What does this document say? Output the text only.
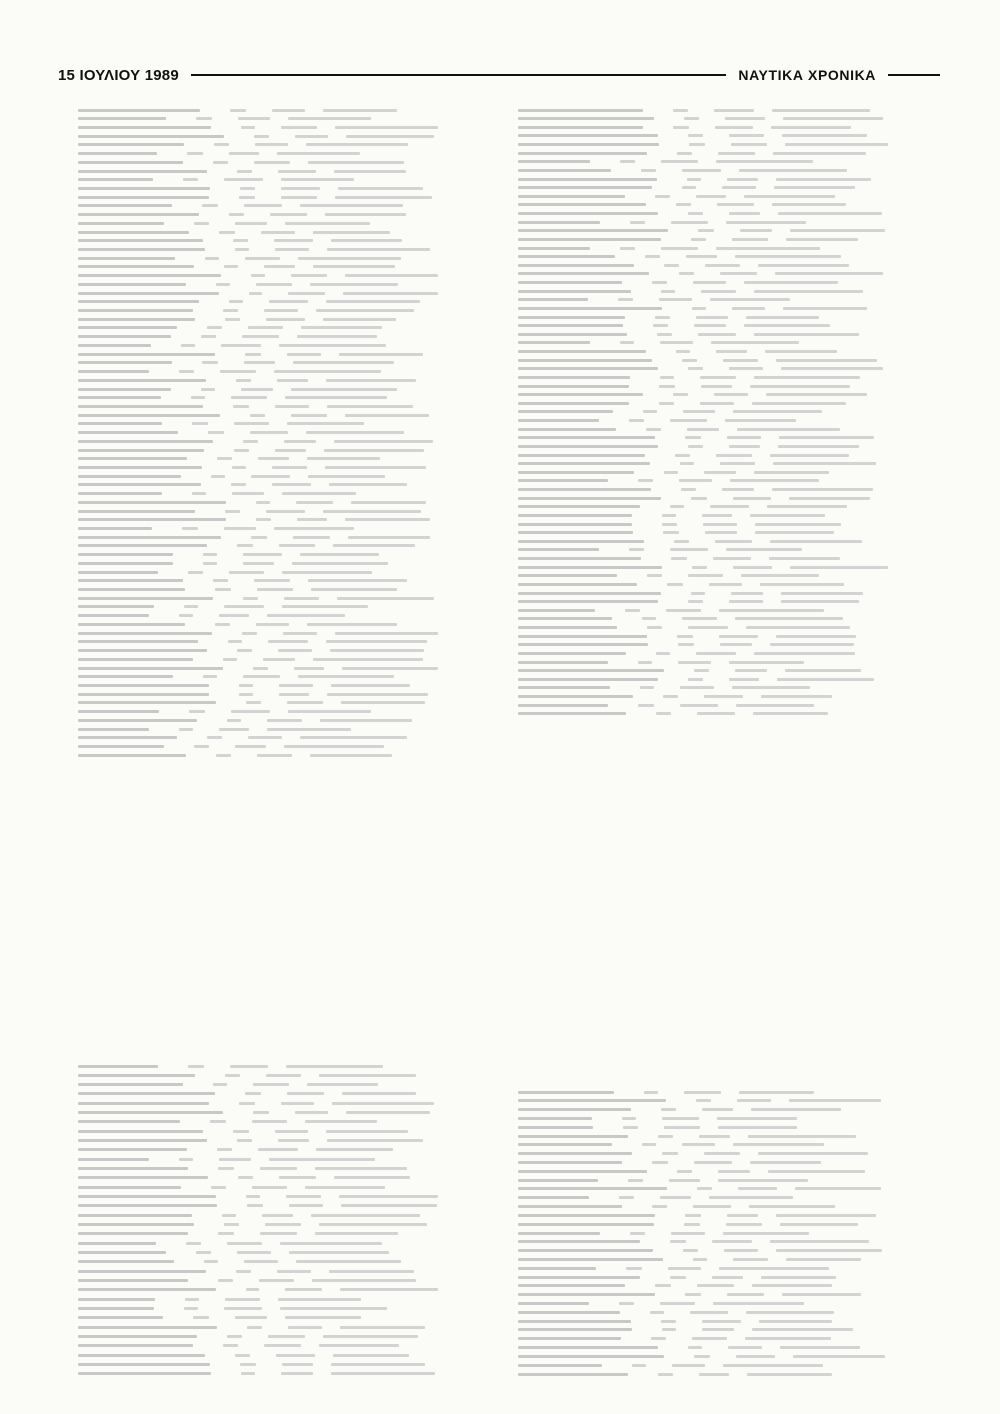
15 ΙΟΥΛΙΟΥ 1989	ΝΑΥΤΙΚΑ ΧΡΟΝΙΚΑ
